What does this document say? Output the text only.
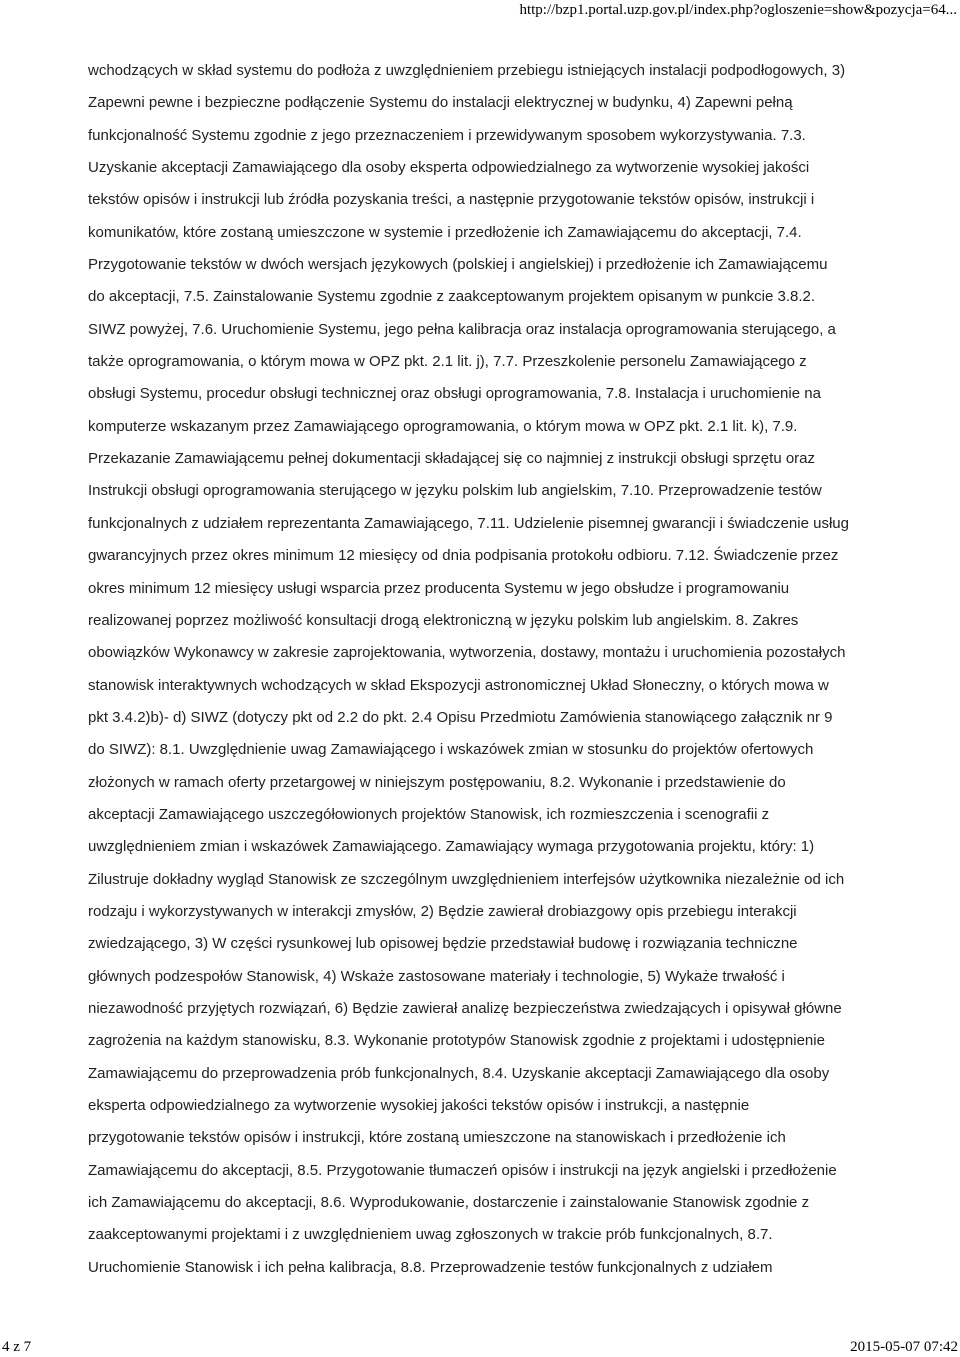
http://bzp1.portal.uzp.gov.pl/index.php?ogloszenie=show&pozycja=64...
wchodzących w skład systemu do podłoża z uwzględnieniem przebiegu istniejących instalacji podpodłogowych, 3)
Zapewni pewne i bezpieczne podłączenie Systemu do instalacji elektrycznej w budynku, 4) Zapewni pełną
funkcjonalność Systemu zgodnie z jego przeznaczeniem i przewidywanym sposobem wykorzystywania. 7.3.
Uzyskanie akceptacji Zamawiającego dla osoby eksperta odpowiedzialnego za wytworzenie wysokiej jakości
tekstów opisów i instrukcji lub źródła pozyskania treści, a następnie przygotowanie tekstów opisów, instrukcji i
komunikatów, które zostaną umieszczone w systemie i przedłożenie ich Zamawiającemu do akceptacji, 7.4.
Przygotowanie tekstów w dwóch wersjach językowych (polskiej i angielskiej) i przedłożenie ich Zamawiającemu
do akceptacji, 7.5. Zainstalowanie Systemu zgodnie z zaakceptowanym projektem opisanym w punkcie 3.8.2.
SIWZ powyżej, 7.6. Uruchomienie Systemu, jego pełna kalibracja oraz instalacja oprogramowania sterującego, a
także oprogramowania, o którym mowa w OPZ pkt. 2.1 lit. j), 7.7. Przeszkolenie personelu Zamawiającego z
obsługi Systemu, procedur obsługi technicznej oraz obsługi oprogramowania, 7.8. Instalacja i uruchomienie na
komputerze wskazanym przez Zamawiającego oprogramowania, o którym mowa w OPZ pkt. 2.1 lit. k), 7.9.
Przekazanie Zamawiającemu pełnej dokumentacji składającej się co najmniej z instrukcji obsługi sprzętu oraz
Instrukcji obsługi oprogramowania sterującego w języku polskim lub angielskim, 7.10. Przeprowadzenie testów
funkcjonalnych z udziałem reprezentanta Zamawiającego, 7.11. Udzielenie pisemnej gwarancji i świadczenie usług
gwarancyjnych przez okres minimum 12 miesięcy od dnia podpisania protokołu odbioru. 7.12. Świadczenie przez
okres minimum 12 miesięcy usługi wsparcia przez producenta Systemu w jego obsłudze i programowaniu
realizowanej poprzez możliwość konsultacji drogą elektroniczną w języku polskim lub angielskim. 8. Zakres
obowiązków Wykonawcy w zakresie zaprojektowania, wytworzenia, dostawy, montażu i uruchomienia pozostałych
stanowisk interaktywnych wchodzących w skład Ekspozycji astronomicznej Układ Słoneczny, o których mowa w
pkt 3.4.2)b)- d) SIWZ (dotyczy pkt od 2.2 do pkt. 2.4 Opisu Przedmiotu Zamówienia stanowiącego załącznik nr 9
do SIWZ): 8.1. Uwzględnienie uwag Zamawiającego i wskazówek zmian w stosunku do projektów ofertowych
złożonych w ramach oferty przetargowej w niniejszym postępowaniu, 8.2. Wykonanie i przedstawienie do
akceptacji Zamawiającego uszczegółowionych projektów Stanowisk, ich rozmieszczenia i scenografii z
uwzględnieniem zmian i wskazówek Zamawiającego. Zamawiający wymaga przygotowania projektu, który: 1)
Zilustruje dokładny wygląd Stanowisk ze szczególnym uwzględnieniem interfejsów użytkownika niezależnie od ich
rodzaju i wykorzystywanych w interakcji zmysłów, 2) Będzie zawierał drobiazgowy opis przebiegu interakcji
zwiedzającego, 3) W części rysunkowej lub opisowej będzie przedstawiał budowę i rozwiązania techniczne
głównych podzespołów Stanowisk, 4) Wskaże zastosowane materiały i technologie, 5) Wykaże trwałość i
niezawodność przyjętych rozwiązań, 6) Będzie zawierał analizę bezpieczeństwa zwiedzających i opisywał główne
zagrożenia na każdym stanowisku, 8.3. Wykonanie prototypów Stanowisk zgodnie z projektami i udostępnienie
Zamawiającemu do przeprowadzenia prób funkcjonalnych, 8.4. Uzyskanie akceptacji Zamawiającego dla osoby
eksperta odpowiedzialnego za wytworzenie wysokiej jakości tekstów opisów i instrukcji, a następnie
przygotowanie tekstów opisów i instrukcji, które zostaną umieszczone na stanowiskach i przedłożenie ich
Zamawiającemu do akceptacji, 8.5. Przygotowanie tłumaczeń opisów i instrukcji na język angielski i przedłożenie
ich Zamawiającemu do akceptacji, 8.6. Wyprodukowanie, dostarczenie i zainstalowanie Stanowisk zgodnie z
zaakceptowanymi projektami i z uwzględnieniem uwag zgłoszonych w trakcie prób funkcjonalnych, 8.7.
Uruchomienie Stanowisk i ich pełna kalibracja, 8.8. Przeprowadzenie testów funkcjonalnych z udziałem
4 z 7	2015-05-07 07:42
